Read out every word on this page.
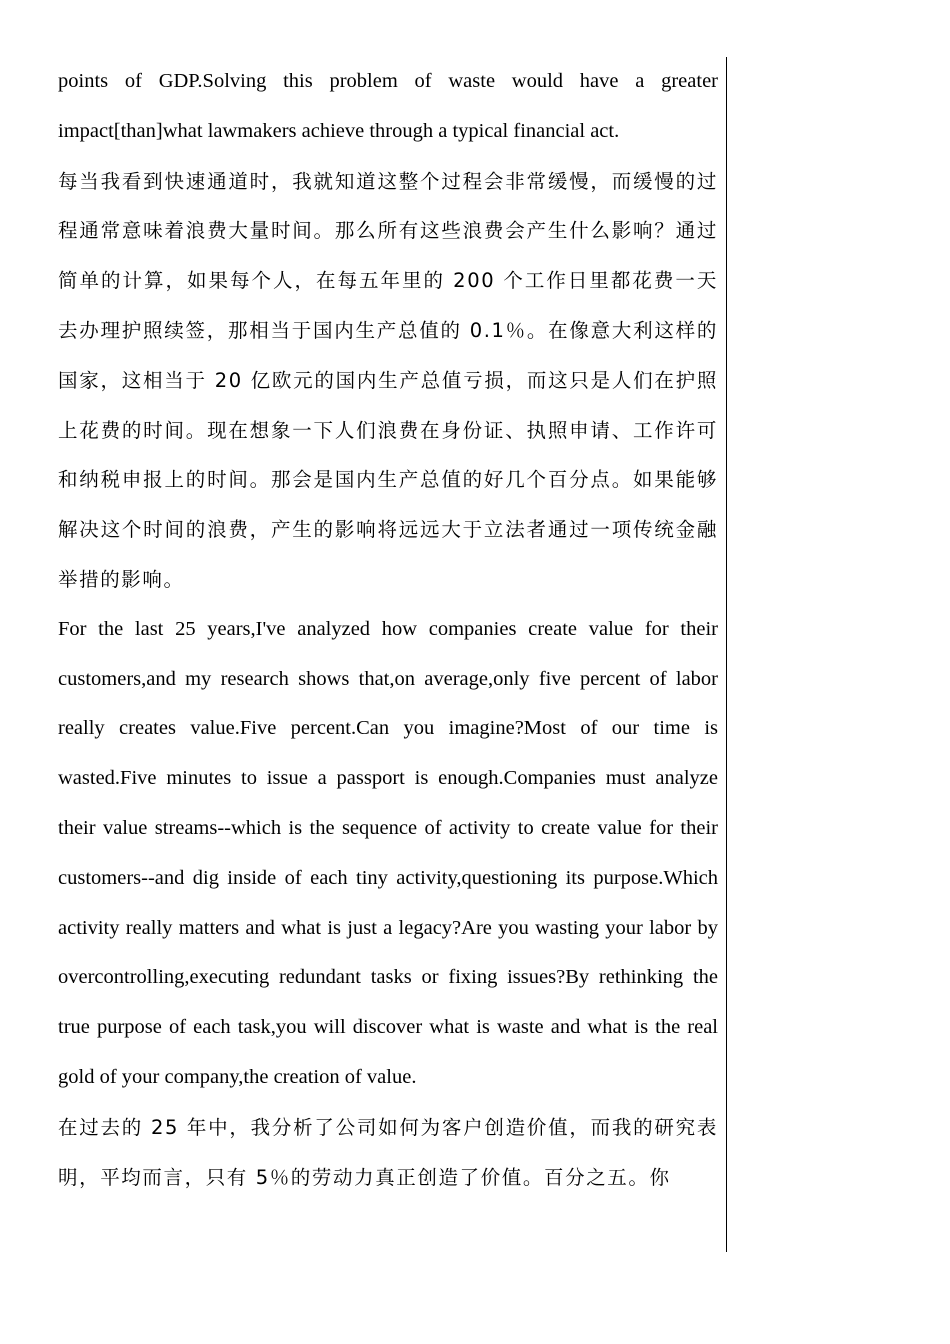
points of GDP.Solving this problem of waste would have a greater impact[than]what lawmakers achieve through a typical financial act.

每当我看到快速通道时，我就知道这整个过程会非常缓慢，而缓慢的过程通常意味着浪费大量时间。那么所有这些浪费会产生什么影响？通过简单的计算，如果每个人，在每五年里的 200 个工作日里都花费一天去办理护照续签，那相当于国内生产总值的 0.1％。在像意大利这样的国家，这相当于 20 亿欧元的国内生产总值亏损，而这只是人们在护照上花费的时间。现在想象一下人们浪费在身份证、执照申请、工作许可和纳税申报上的时间。那会是国内生产总值的好几个百分点。如果能够解决这个时间的浪费，产生的影响将远远大于立法者通过一项传统金融举措的影响。

For the last 25 years,I've analyzed how companies create value for their customers,and my research shows that,on average,only five percent of labor really creates value.Five percent.Can you imagine?Most of our time is wasted.Five minutes to issue a passport is enough.Companies must analyze their value streams--which is the sequence of activity to create value for their customers--and dig inside of each tiny activity,questioning its purpose.Which activity really matters and what is just a legacy?Are you wasting your labor by overcontrolling,executing redundant tasks or fixing issues?By rethinking the true purpose of each task,you will discover what is waste and what is the real gold of your company,the creation of value.

在过去的 25 年中，我分析了公司如何为客户创造价值，而我的研究表明，平均而言，只有 5％的劳动力真正创造了价值。百分之五。你
